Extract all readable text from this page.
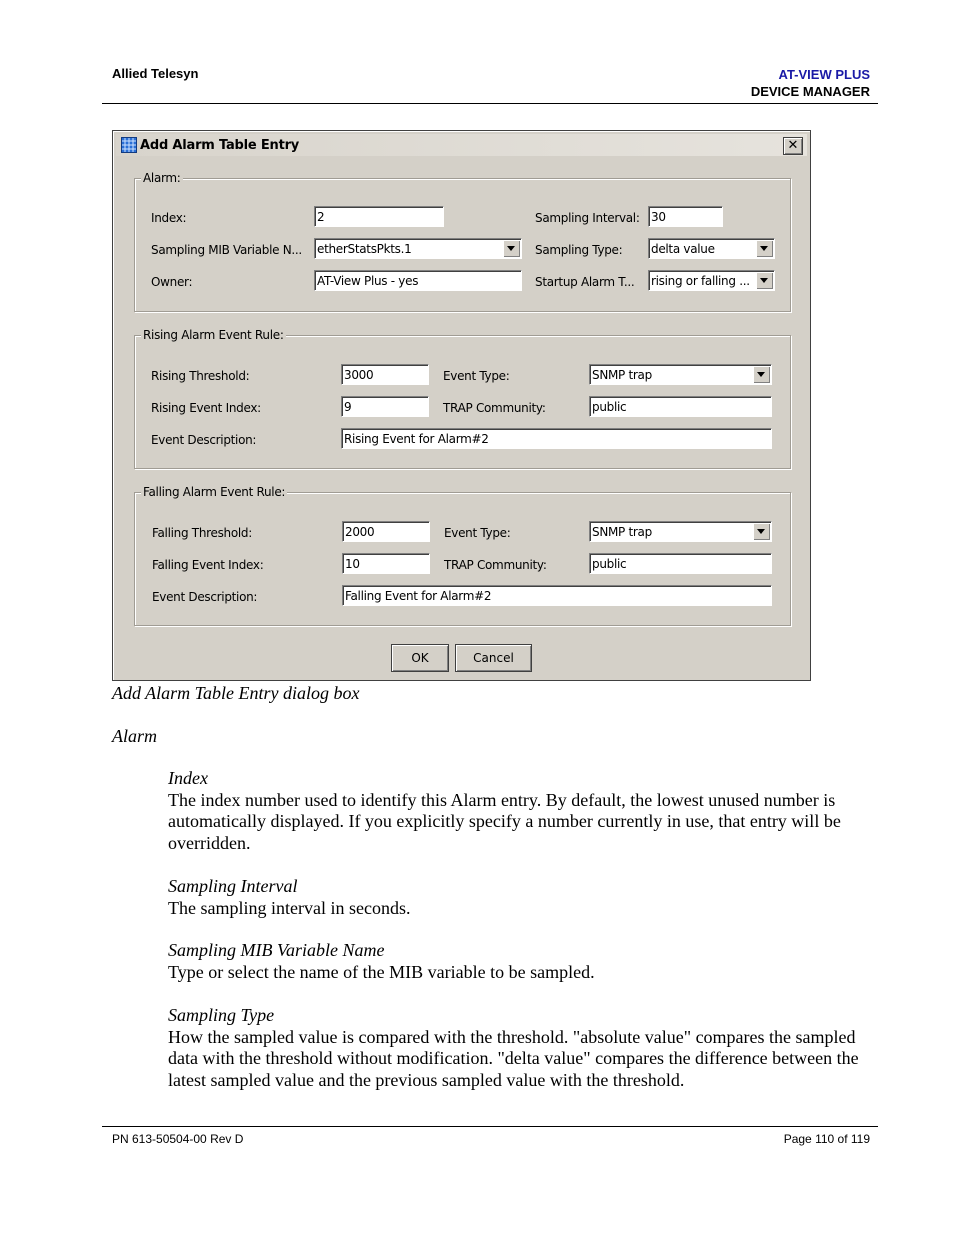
Allied Telesyn	AT-VIEW PLUS
DEVICE MANAGER
Add Alarm Table Entry	✕
Alarm:
Index:	2	Sampling Interval: 30
Sampling MIB Variable N... etherStatsPkts.1	Sampling Type: delta value
Owner:	AT-View Plus - yes	Startup Alarm T... rising or falling ...
Rising Alarm Event Rule:
Rising Threshold:	3000	Event Type:	SNMP trap
Rising Event Index:	9	TRAP Community:	public
Event Description:	Rising Event for Alarm#2
Falling Alarm Event Rule:
Falling Threshold:	2000	Event Type:	SNMP trap
Falling Event Index:	10	TRAP Community:	public
Event Description:	Falling Event for Alarm#2
OK	Cancel
Add Alarm Table Entry dialog box
Alarm
Index
The index number used to identify this Alarm entry. By default, the lowest unused number is automatically displayed. If you explicitly specify a number currently in use, that entry will be overridden.
Sampling Interval
The sampling interval in seconds.
Sampling MIB Variable Name
Type or select the name of the MIB variable to be sampled.
Sampling Type
How the sampled value is compared with the threshold. "absolute value" compares the sampled data with the threshold without modification. "delta value" compares the difference between the latest sampled value and the previous sampled value with the threshold.
PN 613-50504-00 Rev D	Page 110 of 119
